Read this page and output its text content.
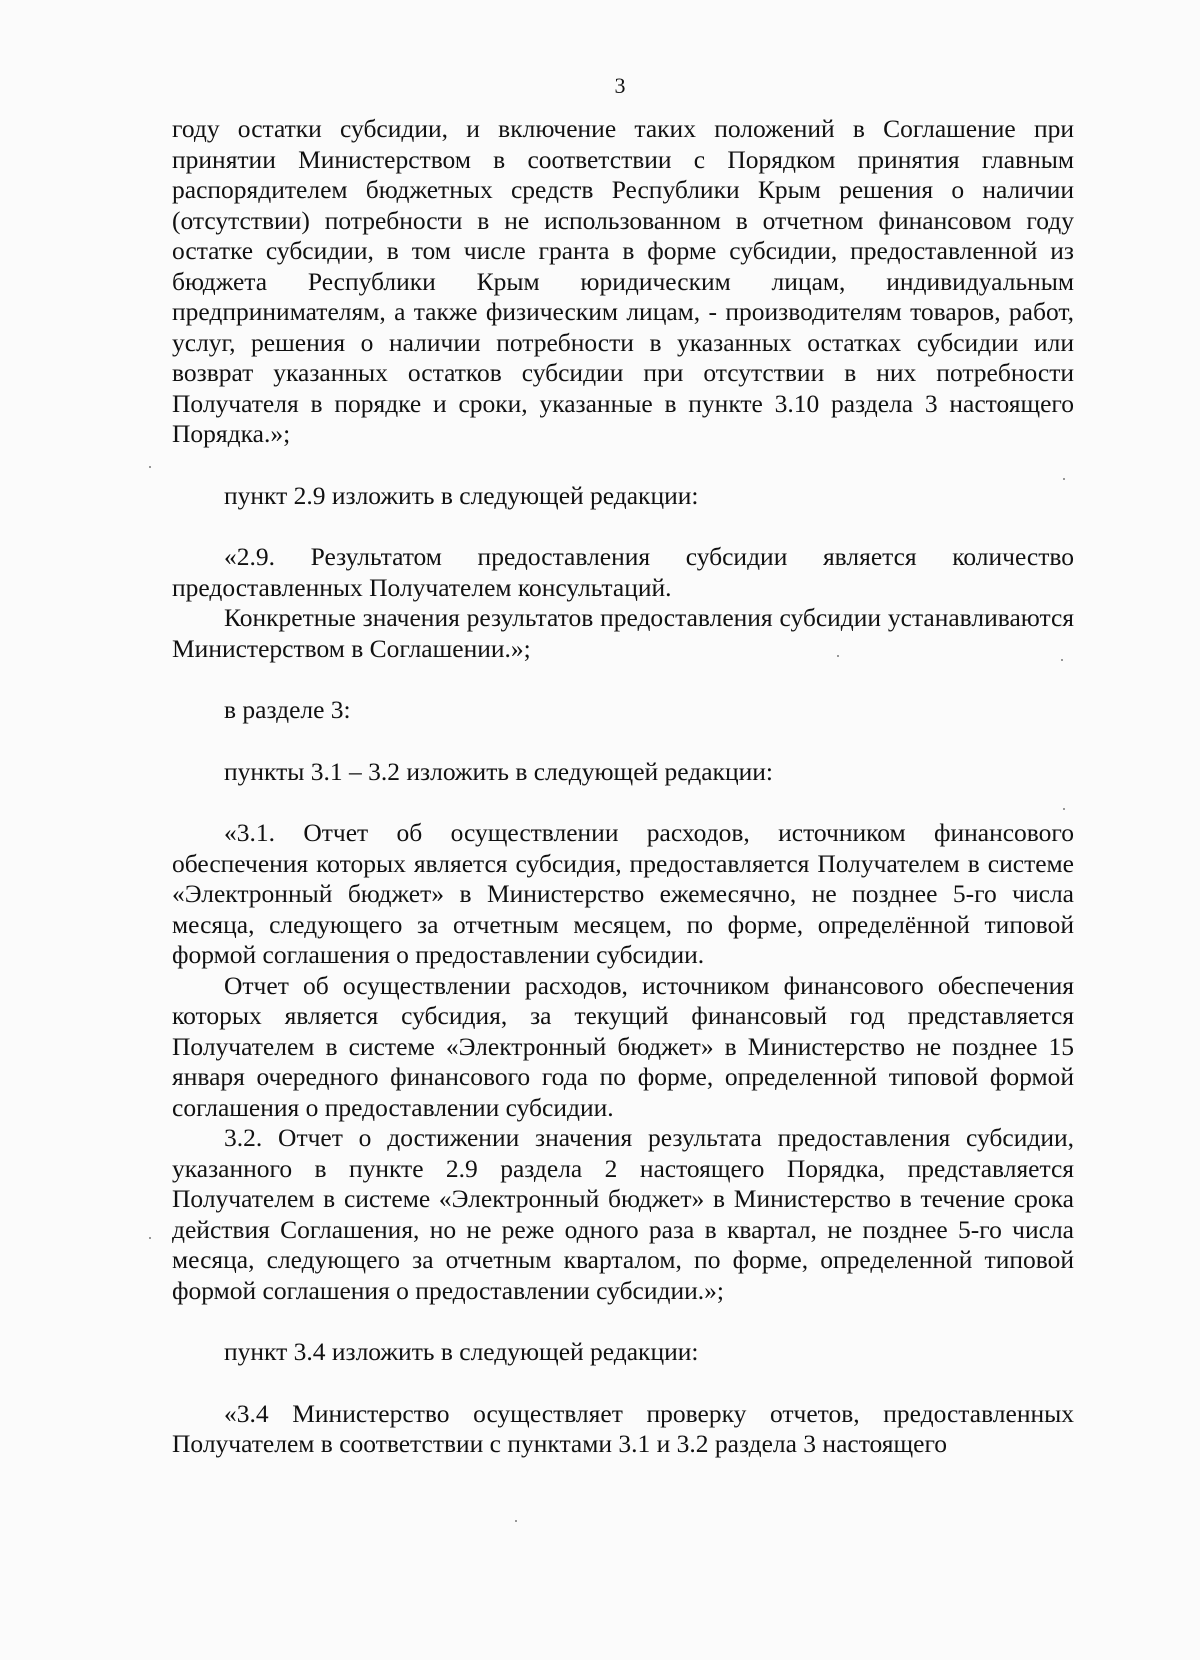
3

году остатки субсидии, и включение таких положений в Соглашение при принятии Министерством в соответствии с Порядком принятия главным распорядителем бюджетных средств Республики Крым решения о наличии (отсутствии) потребности в не использованном в отчетном финансовом году остатке субсидии, в том числе гранта в форме субсидии, предоставленной из бюджета Республики Крым юридическим лицам, индивидуальным предпринимателям, а также физическим лицам, - производителям товаров, работ, услуг, решения о наличии потребности в указанных остатках субсидии или возврат указанных остатков субсидии при отсутствии в них потребности Получателя в порядке и сроки, указанные в пункте 3.10 раздела 3 настоящего Порядка.»;

пункт 2.9 изложить в следующей редакции:

«2.9. Результатом предоставления субсидии является количество предоставленных Получателем консультаций.

Конкретные значения результатов предоставления субсидии устанавливаются Министерством в Соглашении.»;

в разделе 3:

пункты 3.1 – 3.2 изложить в следующей редакции:

«3.1. Отчет об осуществлении расходов, источником финансового обеспечения которых является субсидия, предоставляется Получателем в системе «Электронный бюджет» в Министерство ежемесячно, не позднее 5-го числа месяца, следующего за отчетным месяцем, по форме, определённой типовой формой соглашения о предоставлении субсидии.

Отчет об осуществлении расходов, источником финансового обеспечения которых является субсидия, за текущий финансовый год представляется Получателем в системе «Электронный бюджет» в Министерство не позднее 15 января очередного финансового года по форме, определенной типовой формой соглашения о предоставлении субсидии.

3.2. Отчет о достижении значения результата предоставления субсидии, указанного в пункте 2.9 раздела 2 настоящего Порядка, представляется Получателем в системе «Электронный бюджет» в Министерство в течение срока действия Соглашения, но не реже одного раза в квартал, не позднее 5-го числа месяца, следующего за отчетным кварталом, по форме, определенной типовой формой соглашения о предоставлении субсидии.»;

пункт 3.4 изложить в следующей редакции:

«3.4 Министерство осуществляет проверку отчетов, предоставленных Получателем в соответствии с пунктами 3.1 и 3.2 раздела 3 настоящего
